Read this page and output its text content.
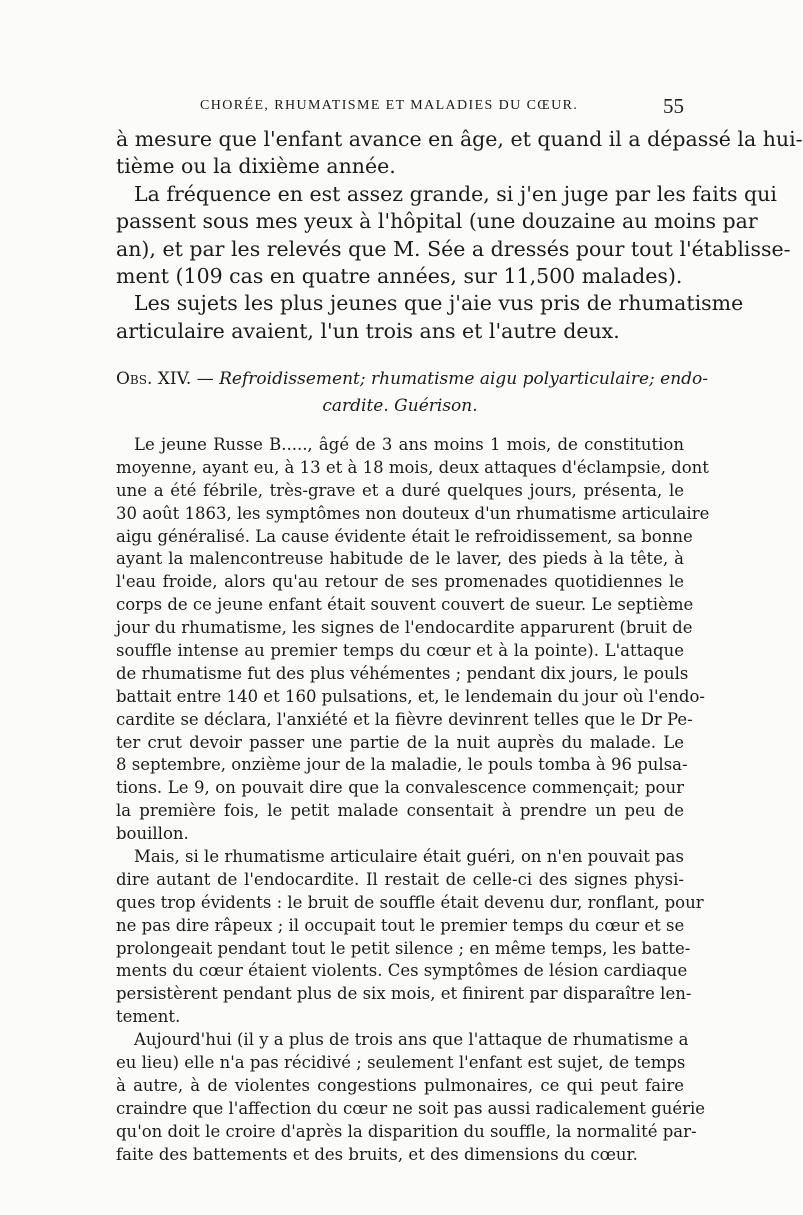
CHORÉE, RHUMATISME ET MALADIES DU CŒUR.	55
à mesure que l'enfant avance en âge, et quand il a dépassé la hui-
tième ou la dixième année.
La fréquence en est assez grande, si j'en juge par les faits qui
passent sous mes yeux à l'hôpital (une douzaine au moins par
an), et par les relevés que M. Sée a dressés pour tout l'établisse-
ment (109 cas en quatre années, sur 11,500 malades).
Les sujets les plus jeunes que j'aie vus pris de rhumatisme
articulaire avaient, l'un trois ans et l'autre deux.
Obs. XIV. — Refroidissement; rhumatisme aigu polyarticulaire; endo-
cardite. Guérison.
Le jeune Russe B....., âgé de 3 ans moins 1 mois, de constitution
moyenne, ayant eu, à 13 et à 18 mois, deux attaques d'éclampsie, dont
une a été fébrile, très-grave et a duré quelques jours, présenta, le
30 août 1863, les symptômes non douteux d'un rhumatisme articulaire
aigu généralisé. La cause évidente était le refroidissement, sa bonne
ayant la malencontreuse habitude de le laver, des pieds à la tête, à
l'eau froide, alors qu'au retour de ses promenades quotidiennes le
corps de ce jeune enfant était souvent couvert de sueur. Le septième
jour du rhumatisme, les signes de l'endocardite apparurent (bruit de
souffle intense au premier temps du cœur et à la pointe). L'attaque
de rhumatisme fut des plus véhémentes ; pendant dix jours, le pouls
battait entre 140 et 160 pulsations, et, le lendemain du jour où l'endo-
cardite se déclara, l'anxiété et la fièvre devinrent telles que le Dr Pe-
ter crut devoir passer une partie de la nuit auprès du malade. Le
8 septembre, onzième jour de la maladie, le pouls tomba à 96 pulsa-
tions. Le 9, on pouvait dire que la convalescence commençait; pour
la première fois, le petit malade consentait à prendre un peu de
bouillon.
Mais, si le rhumatisme articulaire était guéri, on n'en pouvait pas
dire autant de l'endocardite. Il restait de celle-ci des signes physi-
ques trop évidents : le bruit de souffle était devenu dur, ronflant, pour
ne pas dire râpeux ; il occupait tout le premier temps du cœur et se
prolongeait pendant tout le petit silence ; en même temps, les batte-
ments du cœur étaient violents. Ces symptômes de lésion cardiaque
persistèrent pendant plus de six mois, et finirent par disparaître len-
tement.
Aujourd'hui (il y a plus de trois ans que l'attaque de rhumatisme a
eu lieu) elle n'a pas récidivé ; seulement l'enfant est sujet, de temps
à autre, à de violentes congestions pulmonaires, ce qui peut faire
craindre que l'affection du cœur ne soit pas aussi radicalement guérie
qu'on doit le croire d'après la disparition du souffle, la normalité par-
faite des battements et des bruits, et des dimensions du cœur.
